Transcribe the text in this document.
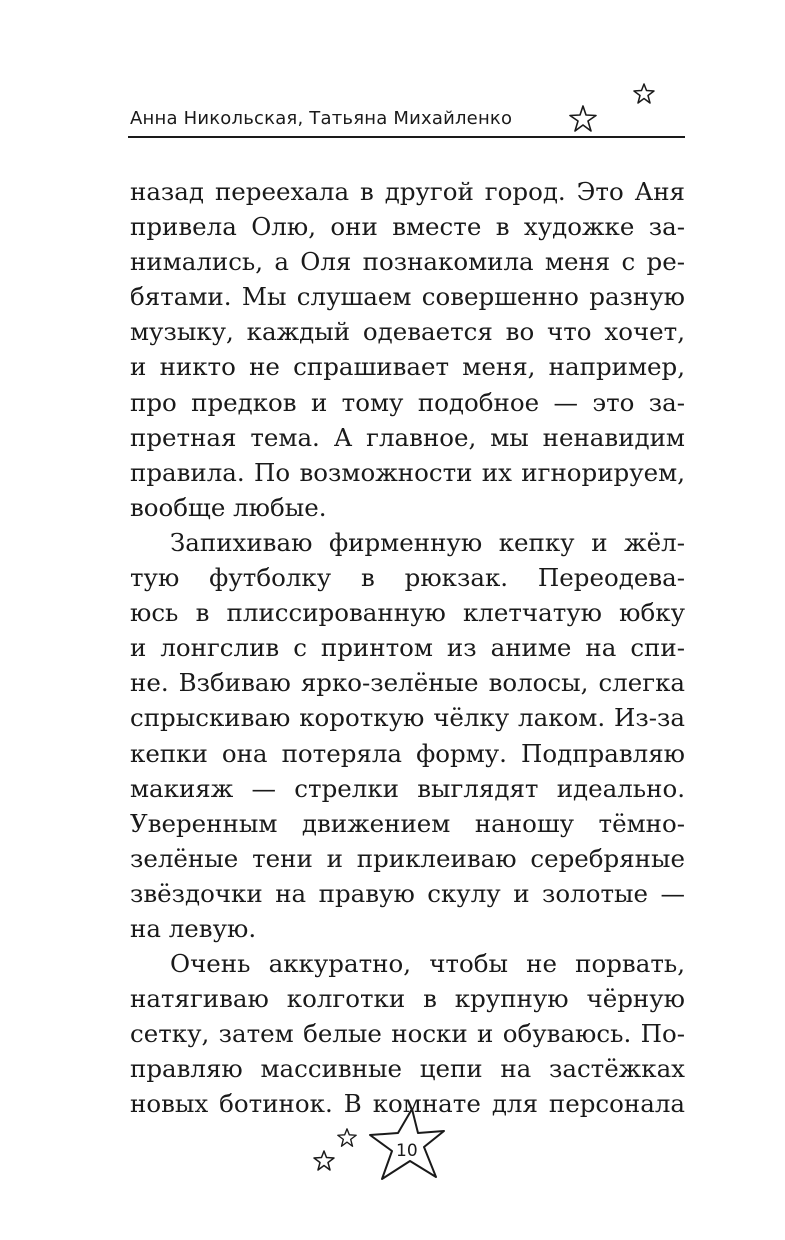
Анна Никольская, Татьяна Михайленко
назад переехала в другой город. Это Аня
привела Олю, они вместе в художке за-
нимались, а Оля познакомила меня с ре-
бятами. Мы слушаем совершенно разную
музыку, каждый одевается во что хочет,
и никто не спрашивает меня, например,
про предков и тому подобное — это за-
претная тема. А главное, мы ненавидим
правила. По возможности их игнорируем,
вообще любые.
Запихиваю фирменную кепку и жёл-
тую футболку в рюкзак. Переодева-
юсь в плиссированную клетчатую юбку
и лонгслив с принтом из аниме на спи-
не. Взбиваю ярко-зелёные волосы, слегка
спрыскиваю короткую чёлку лаком. Из-за
кепки она потеряла форму. Подправляю
макияж — стрелки выглядят идеально.
Уверенным движением наношу тёмно-
зелёные тени и приклеиваю серебряные
звёздочки на правую скулу и золотые —
на левую.
Очень аккуратно, чтобы не порвать,
натягиваю колготки в крупную чёрную
сетку, затем белые носки и обуваюсь. По-
правляю массивные цепи на застёжках
новых ботинок. В комнате для персонала
10
